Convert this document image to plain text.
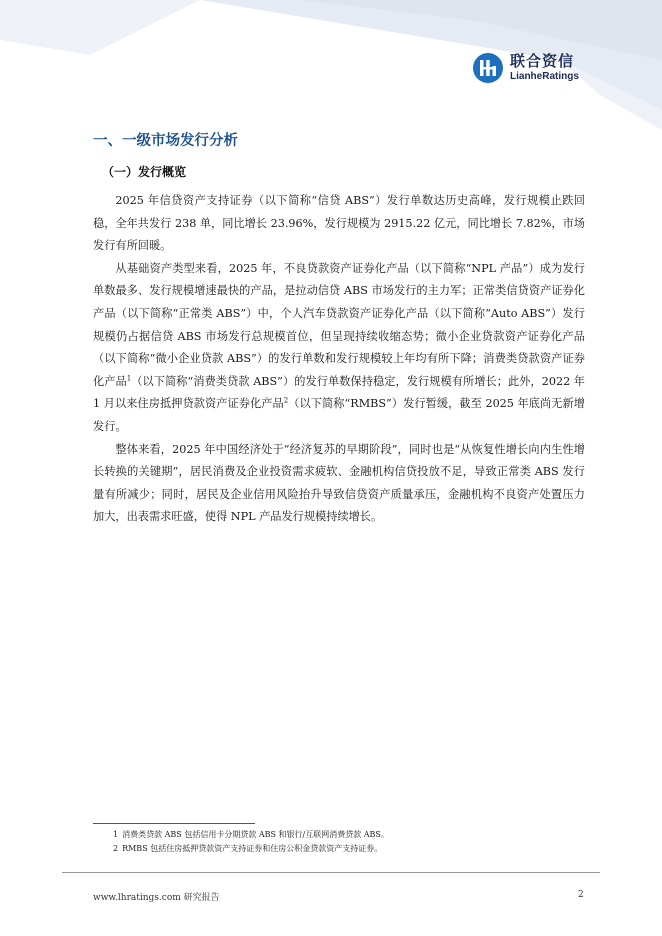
联合资信
LianheRatings
一、一级市场发行分析
（一）发行概览

2025 年信贷资产支持证券（以下简称“信贷 ABS”）发行单数达历史高峰，发行规模止跌回稳，全年共发行 238 单，同比增长 23.96%，发行规模为 2915.22 亿元，同比增长 7.82%，市场发行有所回暖。

从基础资产类型来看，2025 年，不良贷款资产证券化产品（以下简称“NPL 产品”）成为发行单数最多、发行规模增速最快的产品，是拉动信贷 ABS 市场发行的主力军；正常类信贷资产证券化产品（以下简称“正常类 ABS”）中，个人汽车贷款资产证券化产品（以下简称“Auto ABS”）发行规模仍占据信贷 ABS 市场发行总规模首位，但呈现持续收缩态势；微小企业贷款资产证券化产品（以下简称“微小企业贷款 ABS”）的发行单数和发行规模较上年均有所下降；消费类贷款资产证券化产品$^1$（以下简称“消费类贷款 ABS”）的发行单数保持稳定，发行规模有所增长；此外，2022 年 1 月以来住房抵押贷款资产证券化产品$^2$（以下简称“RMBS”）发行暂缓，截至 2025 年底尚无新增发行。

整体来看，2025 年中国经济处于“经济复苏的早期阶段”，同时也是“从恢复性增长向内生性增长转换的关键期”，居民消费及企业投资需求疲软、金融机构信贷投放不足，导致正常类 ABS 发行量有所减少；同时，居民及企业信用风险抬升导致信贷资产质量承压，金融机构不良资产处置压力加大，出表需求旺盛，使得 NPL 产品发行规模持续增长。

1 消费类贷款 ABS 包括信用卡分期贷款 ABS 和银行/互联网消费贷款 ABS。
2 RMBS 包括住房抵押贷款资产支持证券和住房公积金贷款资产支持证券。
www.lhratings.com 研究报告	2
